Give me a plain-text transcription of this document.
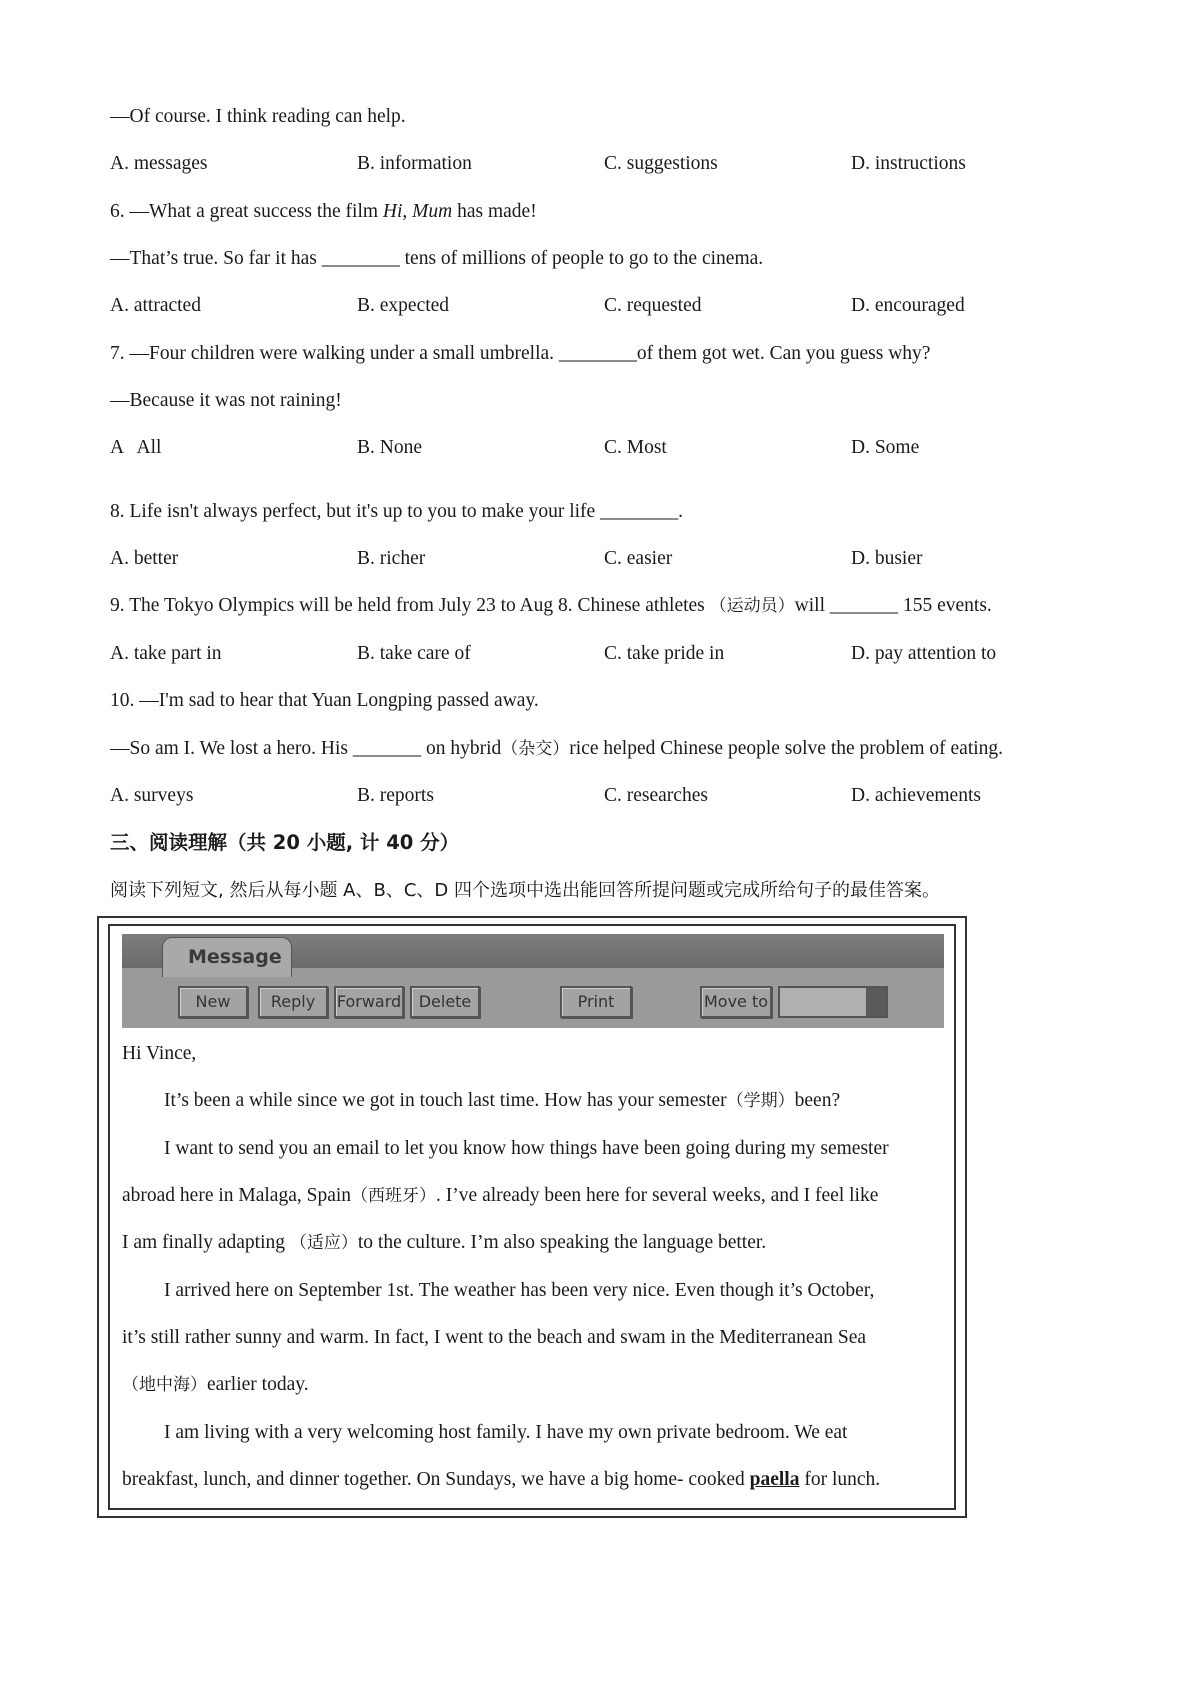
—Of course. I think reading can help.
A. messages	B. information	C. suggestions	D. instructions
6. —What a great success the film Hi, Mum has made!
—That’s true. So far it has ________ tens of millions of people to go to the cinema.
A. attracted	B. expected	C. requested	D. encouraged
7. —Four children were walking under a small umbrella. ________of them got wet. Can you guess why?
—Because it was not raining!
A   All	B. None	C. Most	D. Some
8. Life isn't always perfect, but it's up to you to make your life ________.
A. better	B. richer	C. easier	D. busier
9. The Tokyo Olympics will be held from July 23 to Aug 8. Chinese athletes （运动员）will _______ 155 events.
A. take part in	B. take care of	C. take pride in	D. pay attention to
10. —I'm sad to hear that Yuan Longping passed away.
—So am I. We lost a hero. His _______ on hybrid（杂交）rice helped Chinese people solve the problem of eating.
A. surveys	B. reports	C. researches	D. achievements
三、阅读理解（共 20 小题, 计 40 分）
阅读下列短文, 然后从每小题 A、B、C、D 四个选项中选出能回答所提问题或完成所给句子的最佳答案。
Message
New	Reply	Forward	Delete	Print	Move to
Hi Vince,
It’s been a while since we got in touch last time. How has your semester（学期）been?
I want to send you an email to let you know how things have been going during my semester
abroad here in Malaga, Spain（西班牙）. I’ve already been here for several weeks, and I feel like
I am finally adapting （适应）to the culture. I’m also speaking the language better.
I arrived here on September 1st. The weather has been very nice. Even though it’s October,
it’s still rather sunny and warm. In fact, I went to the beach and swam in the Mediterranean Sea
（地中海）earlier today.
I am living with a very welcoming host family. I have my own private bedroom. We eat
breakfast, lunch, and dinner together. On Sundays, we have a big home- cooked paella for lunch.
